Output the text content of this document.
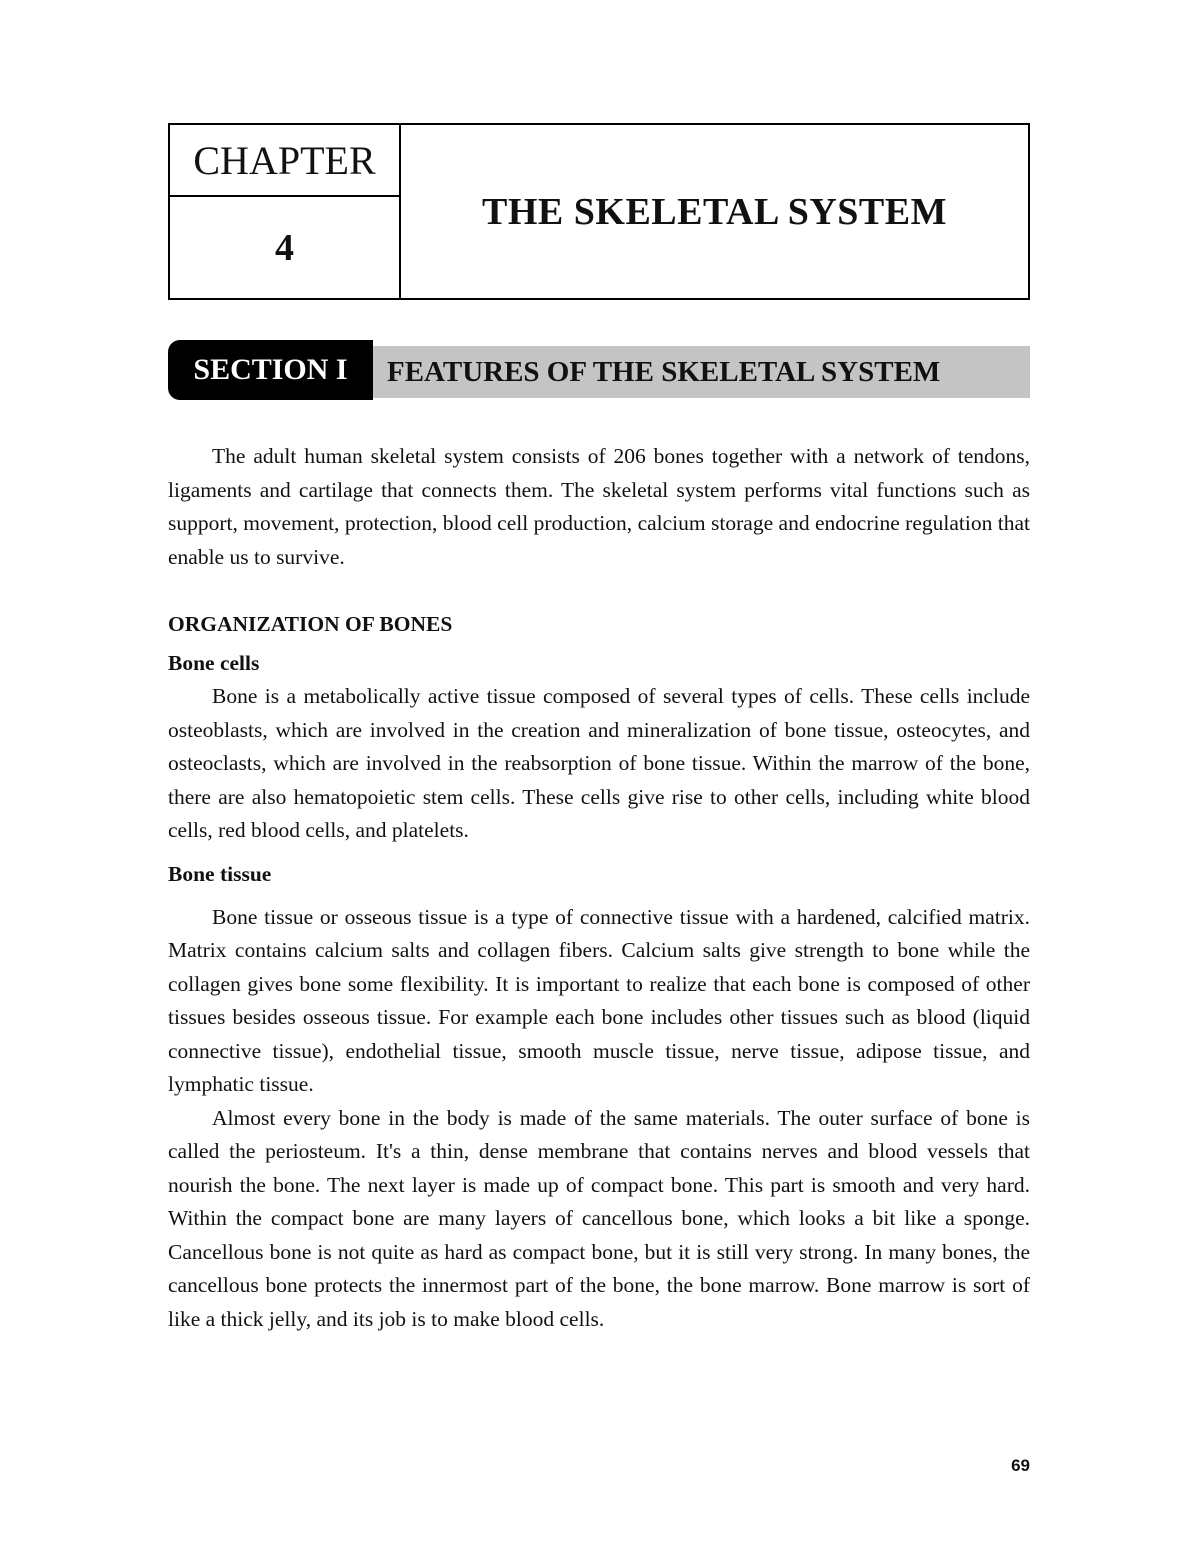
CHAPTER
4
THE SKELETAL SYSTEM
SECTION I	FEATURES OF THE SKELETAL SYSTEM

The adult human skeletal system consists of 206 bones together with a network of tendons, ligaments and cartilage that connects them. The skeletal system performs vital functions such as support, movement, protection, blood cell production, calcium storage and endocrine regulation that enable us to survive.

ORGANIZATION OF BONES
Bone cells

Bone is a metabolically active tissue composed of several types of cells. These cells include osteoblasts, which are involved in the creation and mineralization of bone tissue, osteocytes, and osteoclasts, which are involved in the reabsorption of bone tissue. Within the marrow of the bone, there are also hematopoietic stem cells. These cells give rise to other cells, including white blood cells, red blood cells, and platelets.

Bone tissue

Bone tissue or osseous tissue is a type of connective tissue with a hardened, calcified matrix. Matrix contains calcium salts and collagen fibers. Calcium salts give strength to bone while the collagen gives bone some flexibility. It is important to realize that each bone is composed of other tissues besides osseous tissue. For example each bone includes other tissues such as blood (liquid connective tissue), endothelial tissue, smooth muscle tissue, nerve tissue, adipose tissue, and lymphatic tissue.

Almost every bone in the body is made of the same materials. The outer surface of bone is called the periosteum. It's a thin, dense membrane that contains nerves and blood vessels that nourish the bone. The next layer is made up of compact bone. This part is smooth and very hard. Within the compact bone are many layers of cancellous bone, which looks a bit like a sponge. Cancellous bone is not quite as hard as compact bone, but it is still very strong. In many bones, the cancellous bone protects the innermost part of the bone, the bone marrow. Bone marrow is sort of like a thick jelly, and its job is to make blood cells.

69
